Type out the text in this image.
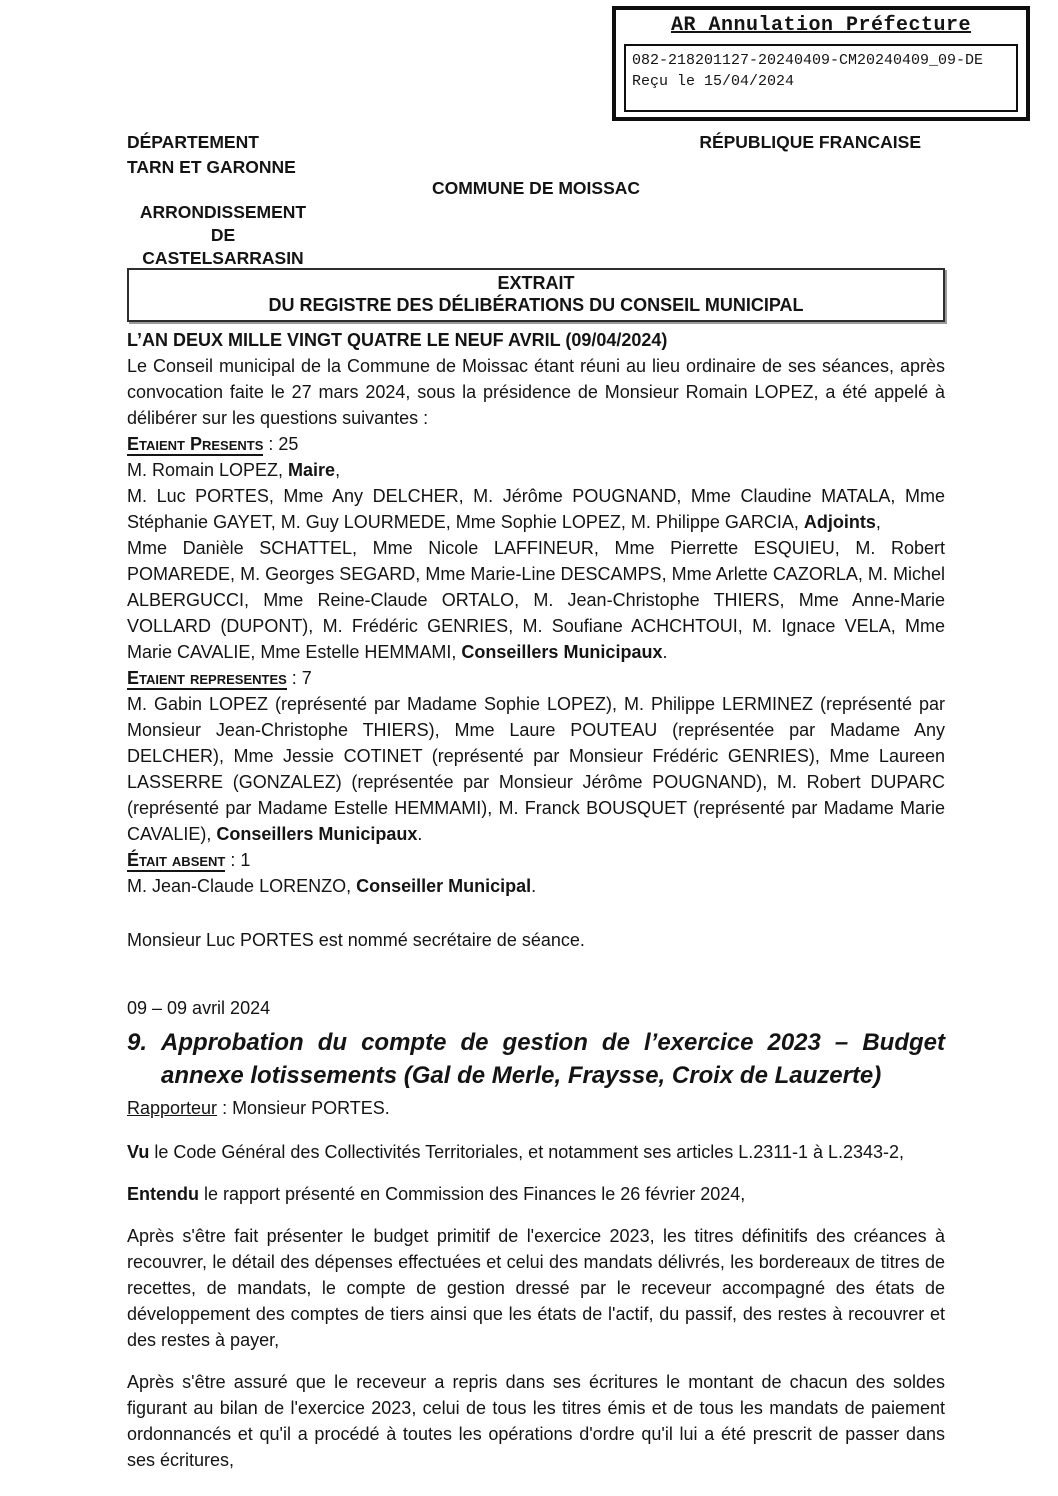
AR Annulation Préfecture
082-218201127-20240409-CM20240409_09-DE
Reçu le 15/04/2024
DÉPARTEMENT
TARN ET GARONNE
RÉPUBLIQUE FRANCAISE
COMMUNE DE MOISSAC
ARRONDISSEMENT
DE
CASTELSARRASIN
EXTRAIT
DU REGISTRE DES DÉLIBÉRATIONS DU CONSEIL MUNICIPAL

L’AN DEUX MILLE VINGT QUATRE LE NEUF AVRIL (09/04/2024)

Le Conseil municipal de la Commune de Moissac étant réuni au lieu ordinaire de ses séances, après convocation faite le 27 mars 2024, sous la présidence de Monsieur Romain LOPEZ, a été appelé à délibérer sur les questions suivantes :

Etaient Presents : 25

M. Romain LOPEZ, Maire,

M. Luc PORTES, Mme Any DELCHER, M. Jérôme POUGNAND, Mme Claudine MATALA, Mme Stéphanie GAYET, M. Guy LOURMEDE, Mme Sophie LOPEZ, M. Philippe GARCIA, Adjoints,

Mme Danièle SCHATTEL, Mme Nicole LAFFINEUR, Mme Pierrette ESQUIEU, M. Robert POMAREDE, M. Georges SEGARD, Mme Marie-Line DESCAMPS, Mme Arlette CAZORLA, M. Michel ALBERGUCCI, Mme Reine-Claude ORTALO, M. Jean-Christophe THIERS, Mme Anne-Marie VOLLARD (DUPONT), M. Frédéric GENRIES, M. Soufiane ACHCHTOUI, M. Ignace VELA, Mme Marie CAVALIE, Mme Estelle HEMMAMI, Conseillers Municipaux.

Etaient representes : 7

M. Gabin LOPEZ (représenté par Madame Sophie LOPEZ), M. Philippe LERMINEZ (représenté par Monsieur Jean-Christophe THIERS), Mme Laure POUTEAU (représentée par Madame Any DELCHER), Mme Jessie COTINET (représenté par Monsieur Frédéric GENRIES), Mme Laureen LASSERRE (GONZALEZ) (représentée par Monsieur Jérôme POUGNAND), M. Robert DUPARC (représenté par Madame Estelle HEMMAMI), M. Franck BOUSQUET (représenté par Madame Marie CAVALIE), Conseillers Municipaux.

Était absent : 1

M. Jean-Claude LORENZO, Conseiller Municipal.

Monsieur Luc PORTES est nommé secrétaire de séance.

09 – 09 avril 2024

9. Approbation du compte de gestion de l’exercice 2023 – Budget annexe lotissements (Gal de Merle, Fraysse, Croix de Lauzerte)

Rapporteur : Monsieur PORTES.

Vu le Code Général des Collectivités Territoriales, et notamment ses articles L.2311-1 à L.2343-2,

Entendu le rapport présenté en Commission des Finances le 26 février 2024,

Après s'être fait présenter le budget primitif de l'exercice 2023, les titres définitifs des créances à recouvrer, le détail des dépenses effectuées et celui des mandats délivrés, les bordereaux de titres de recettes, de mandats, le compte de gestion dressé par le receveur accompagné des états de développement des comptes de tiers ainsi que les états de l'actif, du passif, des restes à recouvrer et des restes à payer,

Après s'être assuré que le receveur a repris dans ses écritures le montant de chacun des soldes figurant au bilan de l'exercice 2023, celui de tous les titres émis et de tous les mandats de paiement ordonnancés et qu'il a procédé à toutes les opérations d'ordre qu'il lui a été prescrit de passer dans ses écritures,
